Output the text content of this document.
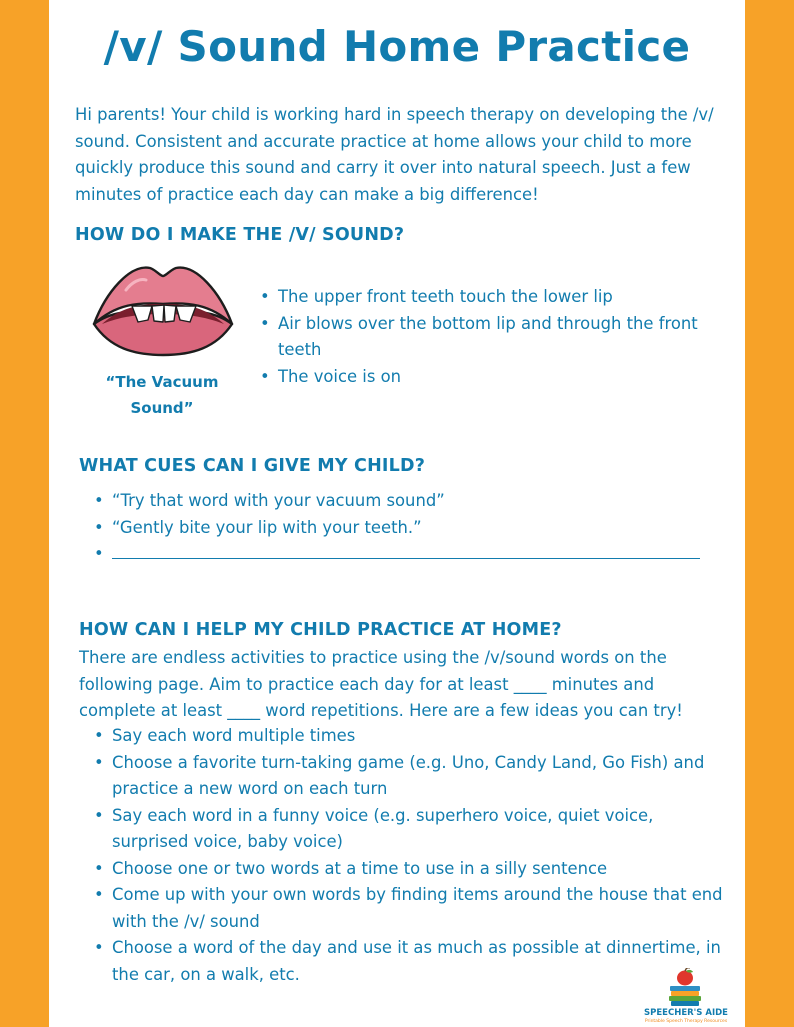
/v/ Sound Home Practice

Hi parents! Your child is working hard in speech therapy on developing the /v/ sound. Consistent and accurate practice at home allows your child to more quickly produce this sound and carry it over into natural speech. Just a few minutes of practice each day can make a big difference!

HOW DO I MAKE THE /V/ SOUND?

“The Vacuum Sound”

• The upper front teeth touch the lower lip
• Air blows over the bottom lip and through the front teeth
• The voice is on
WHAT CUES CAN I GIVE MY CHILD?
• “Try that word with your vacuum sound”
• “Gently bite your lip with your teeth.”
•
HOW CAN I HELP MY CHILD PRACTICE AT HOME?

There are endless activities to practice using the /v/sound words on the following page. Aim to practice each day for at least ____ minutes and complete at least ____ word repetitions. Here are a few ideas you can try!

• Say each word multiple times
• Choose a favorite turn-taking game (e.g. Uno, Candy Land, Go Fish) and practice a new word on each turn
• Say each word in a funny voice (e.g. superhero voice, quiet voice, surprised voice, baby voice)
• Choose one or two words at a time to use in a silly sentence
• Come up with your own words by finding items around the house that end with the /v/ sound
• Choose a word of the day and use it as much as possible at dinnertime, in the car, on a walk, etc.

SPEECHER'S AIDE

Printable Speech Therapy Resources
